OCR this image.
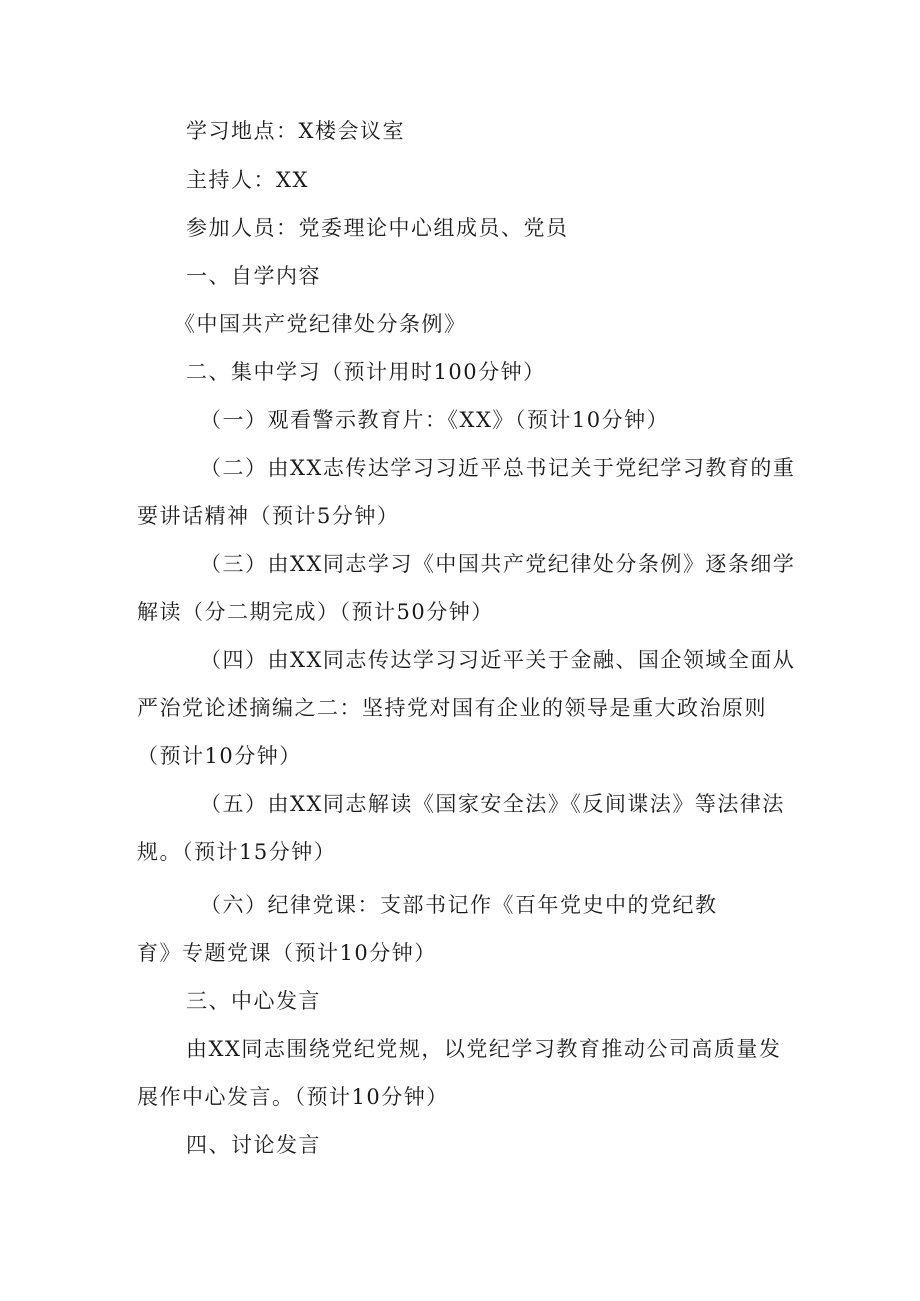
学习地点：X楼会议室
主持人：XX
参加人员：党委理论中心组成员、党员
一、自学内容
《中国共产党纪律处分条例》
二、集中学习（预计用时100分钟）
（一）观看警示教育片：《XX》（预计10分钟）
（二）由XX志传达学习习近平总书记关于党纪学习教育的重
要讲话精神（预计5分钟）
（三）由XX同志学习《中国共产党纪律处分条例》逐条细学
解读（分二期完成）（预计50分钟）
（四）由XX同志传达学习习近平关于金融、国企领域全面从
严治党论述摘编之二：坚持党对国有企业的领导是重大政治原则
（预计10分钟）
（五）由XX同志解读《国家安全法》《反间谍法》等法律法
规。（预计15分钟）
（六）纪律党课：支部书记作《百年党史中的党纪教
育》专题党课（预计10分钟）
三、中心发言
由XX同志围绕党纪党规，以党纪学习教育推动公司高质量发
展作中心发言。（预计10分钟）
四、讨论发言
